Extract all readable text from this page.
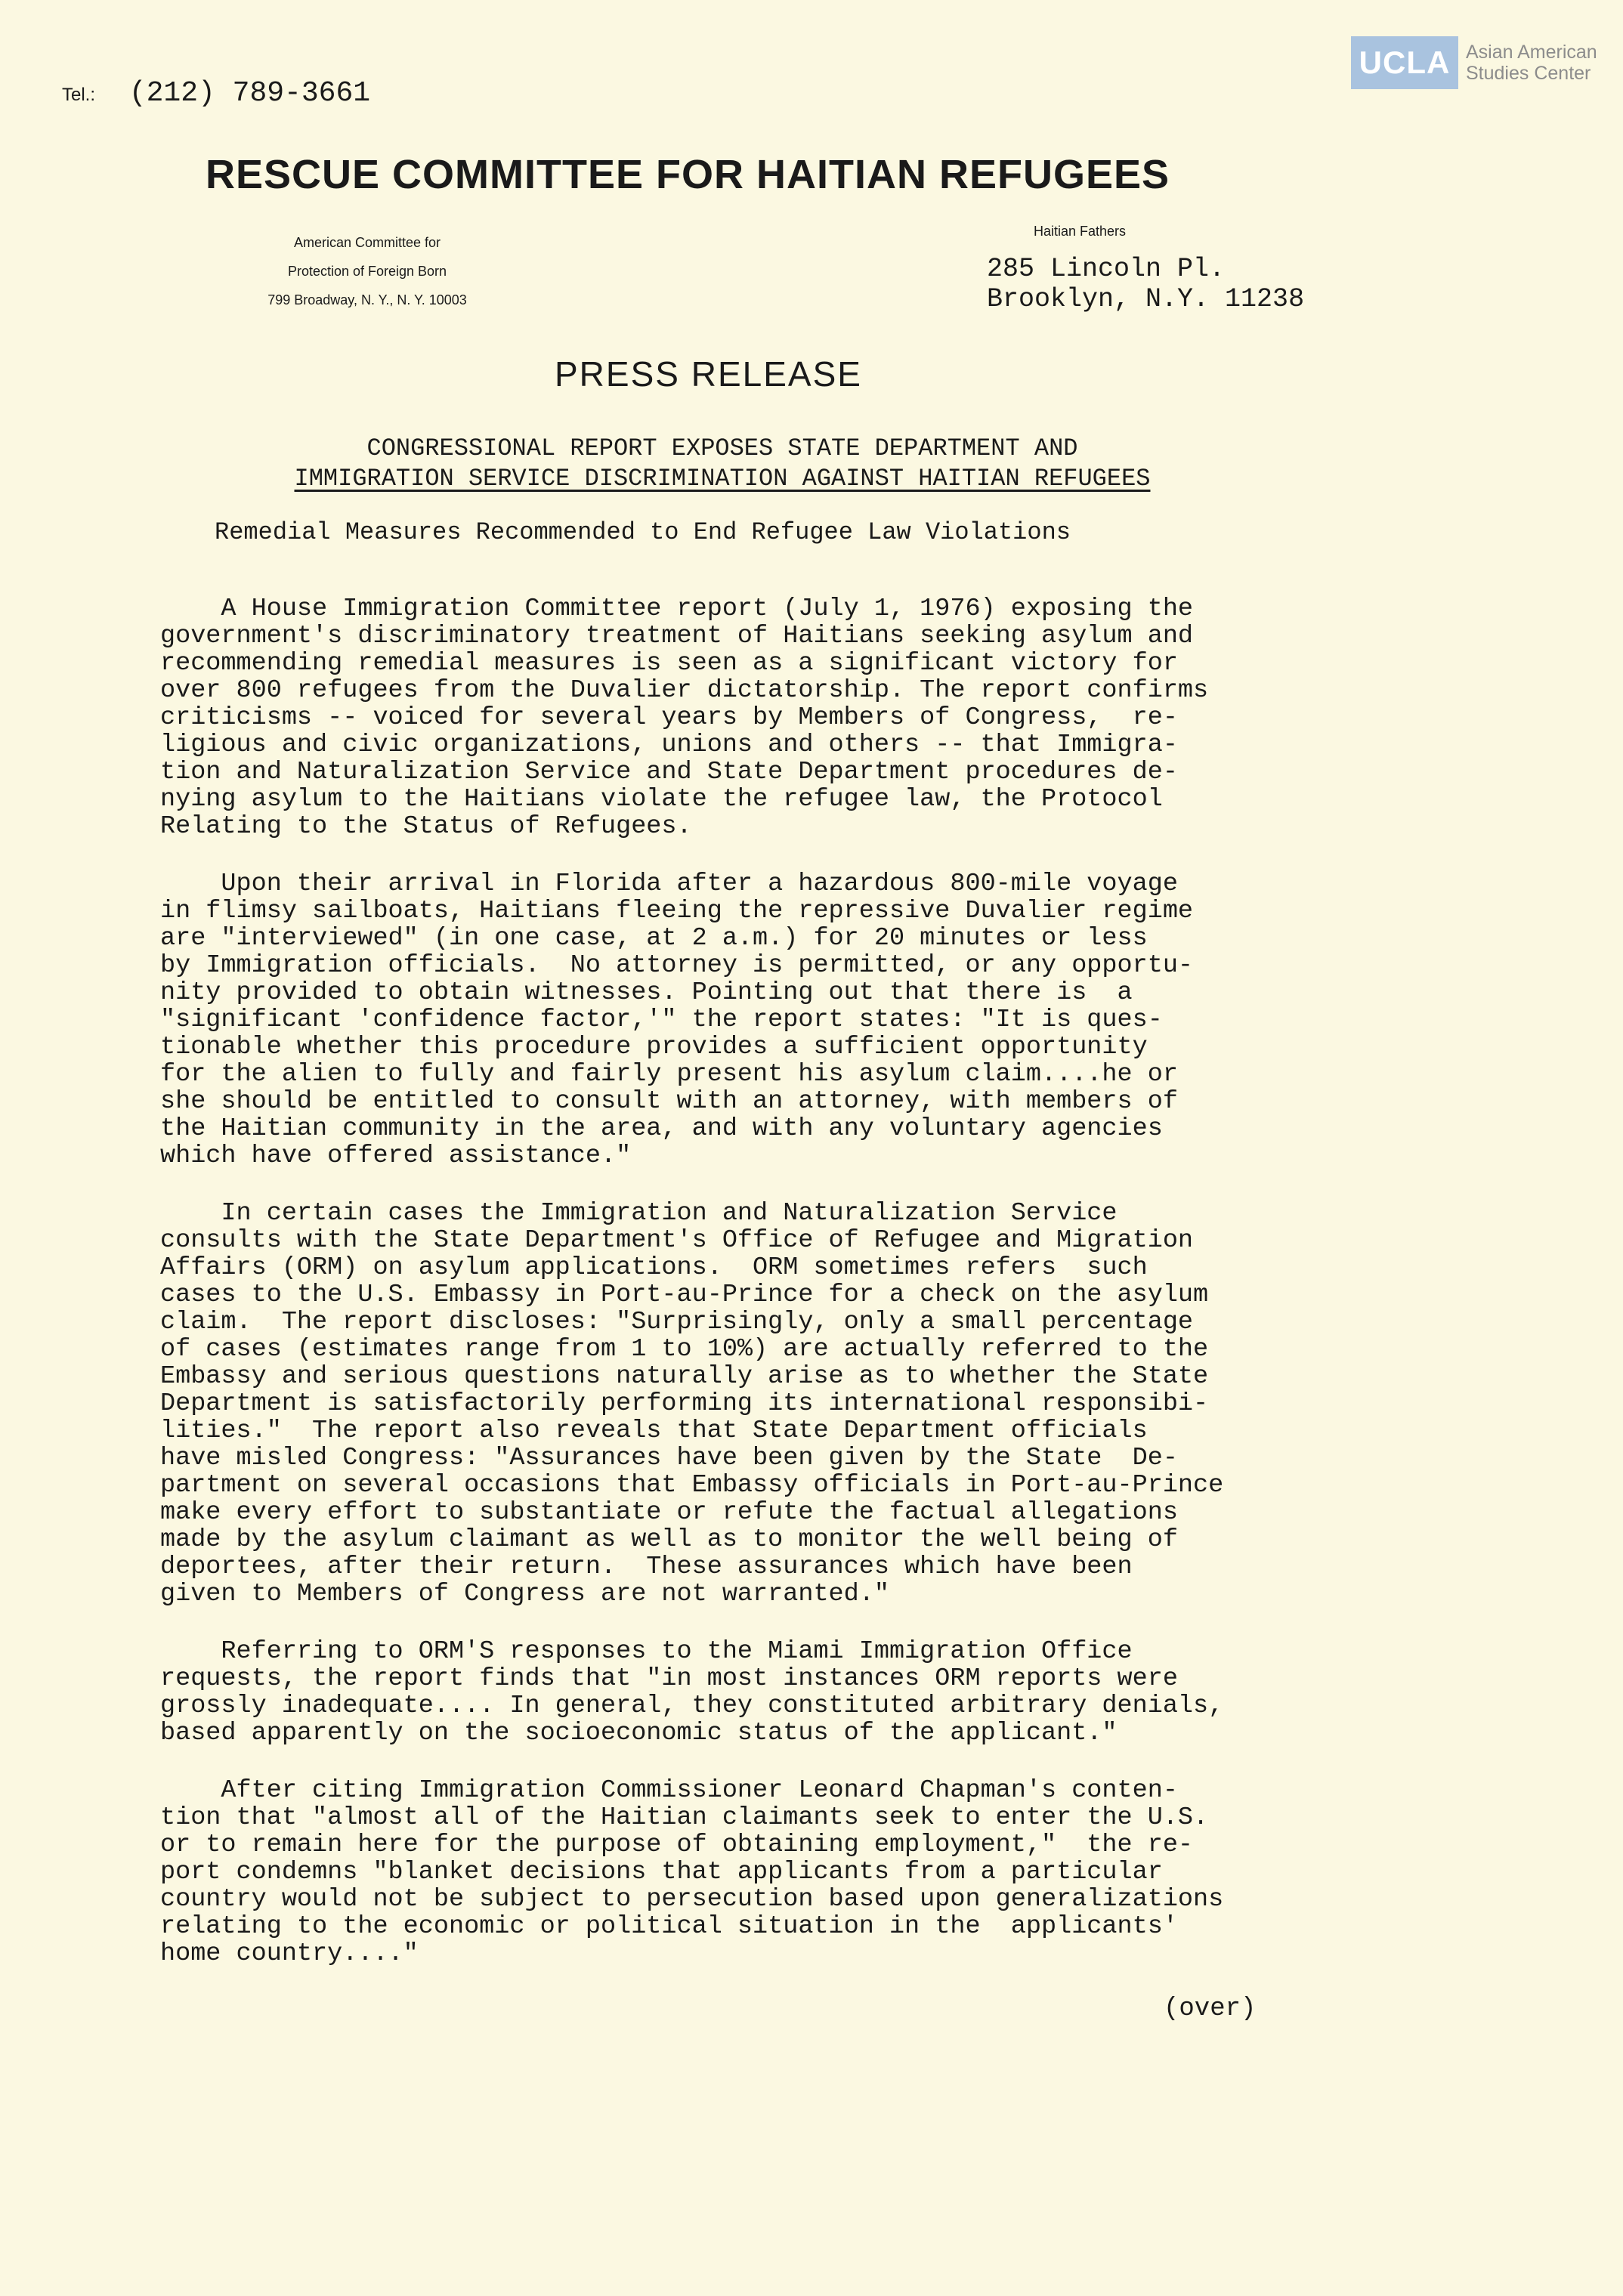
Tel.: (212) 789-3661
UCLA Asian American
Studies Center
RESCUE COMMITTEE FOR HAITIAN REFUGEES
American Committee for
Protection of Foreign Born
799 Broadway, N. Y., N. Y. 10003
Haitian Fathers
285 Lincoln Pl.
Brooklyn, N.Y. 11238
PRESS RELEASE
CONGRESSIONAL REPORT EXPOSES STATE DEPARTMENT AND
IMMIGRATION SERVICE DISCRIMINATION AGAINST HAITIAN REFUGEES
Remedial Measures Recommended to End Refugee Law Violations

A House Immigration Committee report (July 1, 1976) exposing the
government's discriminatory treatment of Haitians seeking asylum and
recommending remedial measures is seen as a significant victory for
over 800 refugees from the Duvalier dictatorship. The report confirms
criticisms -- voiced for several years by Members of Congress,  re-
ligious and civic organizations, unions and others -- that Immigra-
tion and Naturalization Service and State Department procedures de-
nying asylum to the Haitians violate the refugee law, the Protocol
Relating to the Status of Refugees.

Upon their arrival in Florida after a hazardous 800-mile voyage
in flimsy sailboats, Haitians fleeing the repressive Duvalier regime
are "interviewed" (in one case, at 2 a.m.) for 20 minutes or less
by Immigration officials.  No attorney is permitted, or any opportu-
nity provided to obtain witnesses. Pointing out that there is  a
"significant 'confidence factor,'" the report states: "It is ques-
tionable whether this procedure provides a sufficient opportunity
for the alien to fully and fairly present his asylum claim....he or
she should be entitled to consult with an attorney, with members of
the Haitian community in the area, and with any voluntary agencies
which have offered assistance."

In certain cases the Immigration and Naturalization Service
consults with the State Department's Office of Refugee and Migration
Affairs (ORM) on asylum applications.  ORM sometimes refers  such
cases to the U.S. Embassy in Port-au-Prince for a check on the asylum
claim.  The report discloses: "Surprisingly, only a small percentage
of cases (estimates range from 1 to 10%) are actually referred to the
Embassy and serious questions naturally arise as to whether the State
Department is satisfactorily performing its international responsibi-
lities."  The report also reveals that State Department officials
have misled Congress: "Assurances have been given by the State  De-
partment on several occasions that Embassy officials in Port-au-Prince
make every effort to substantiate or refute the factual allegations
made by the asylum claimant as well as to monitor the well being of
deportees, after their return.  These assurances which have been
given to Members of Congress are not warranted."

Referring to ORM'S responses to the Miami Immigration Office
requests, the report finds that "in most instances ORM reports were
grossly inadequate.... In general, they constituted arbitrary denials,
based apparently on the socioeconomic status of the applicant."

After citing Immigration Commissioner Leonard Chapman's conten-
tion that "almost all of the Haitian claimants seek to enter the U.S.
or to remain here for the purpose of obtaining employment,"  the re-
port condemns "blanket decisions that applicants from a particular
country would not be subject to persecution based upon generalizations
relating to the economic or political situation in the  applicants'
home country...."

(over)
